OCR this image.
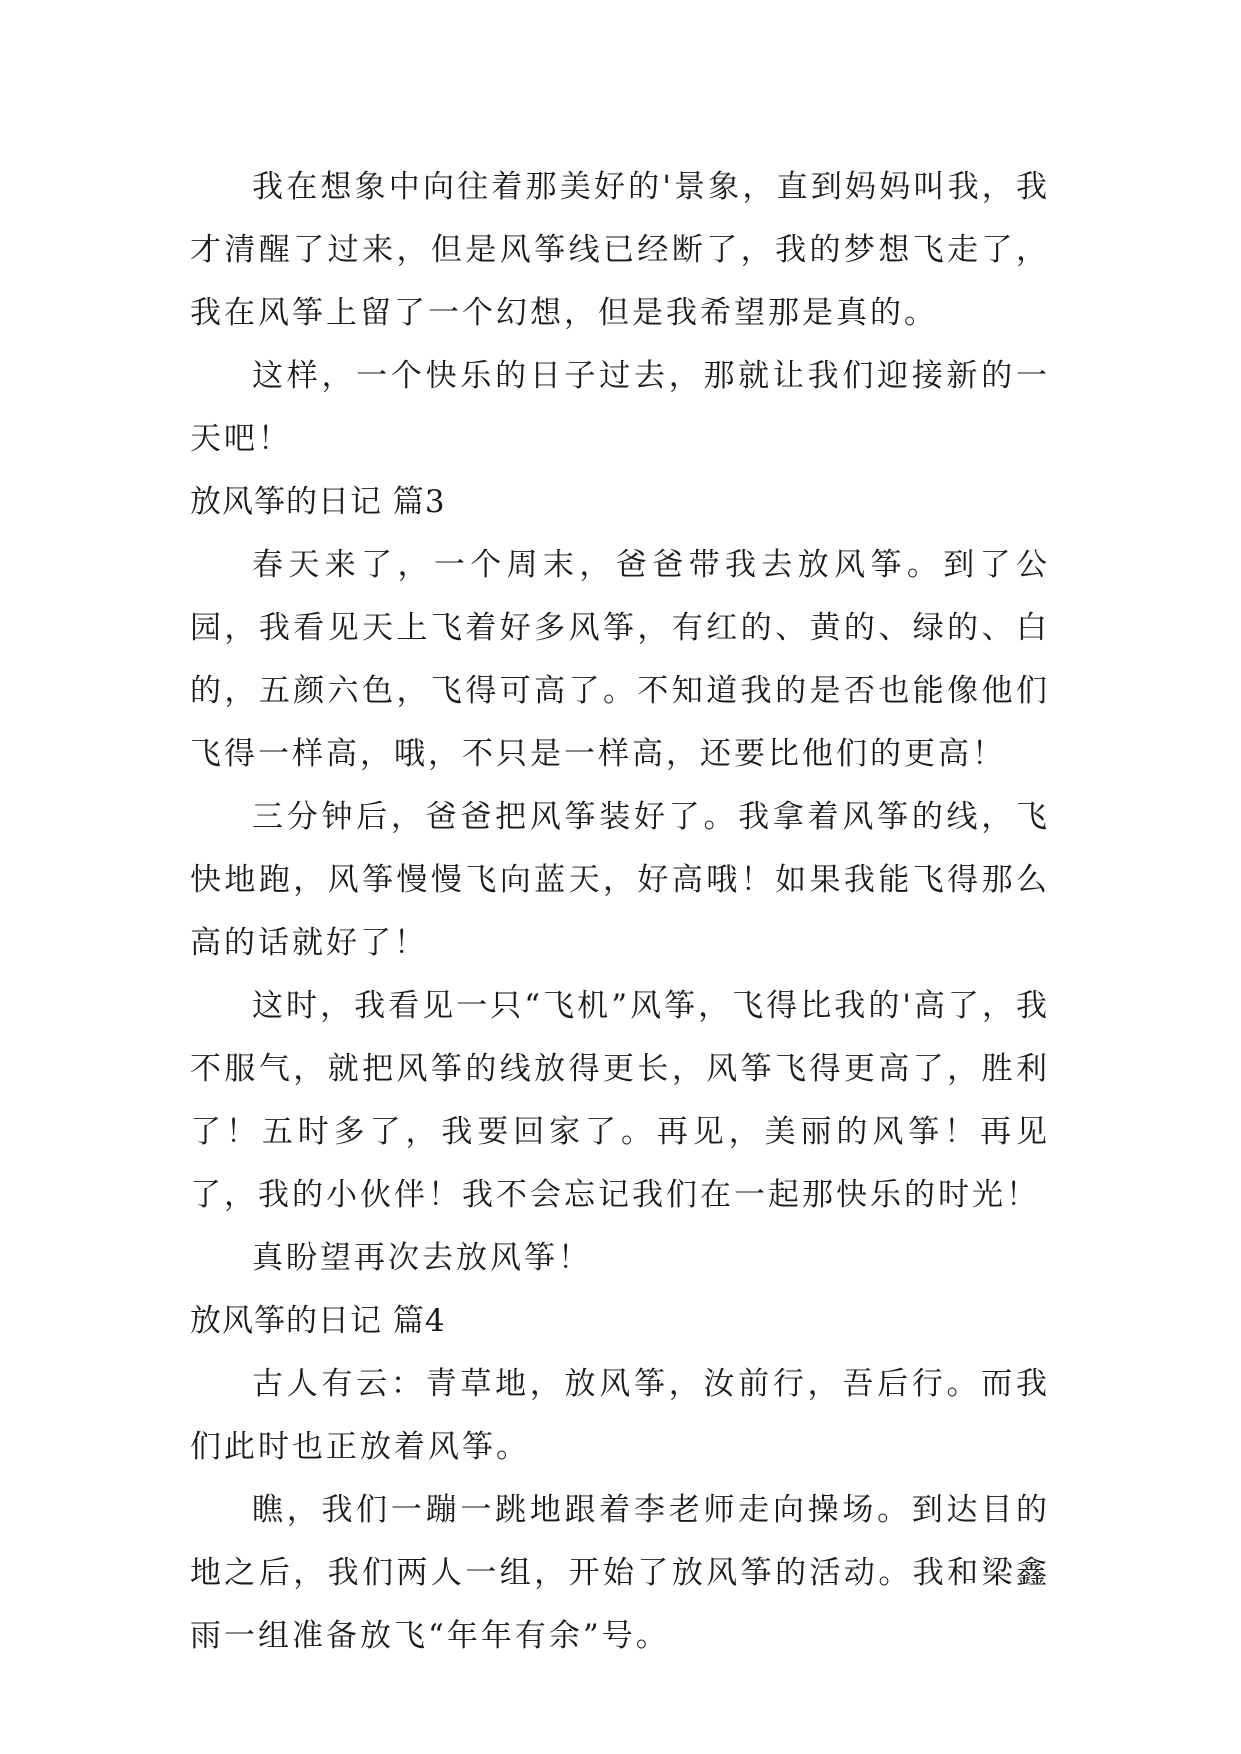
我在想象中向往着那美好的'景象，直到妈妈叫我，我才清醒了过来，但是风筝线已经断了，我的梦想飞走了，我在风筝上留了一个幻想，但是我希望那是真的。

这样，一个快乐的日子过去，那就让我们迎接新的一天吧！

放风筝的日记 篇3

春天来了，一个周末，爸爸带我去放风筝。到了公园，我看见天上飞着好多风筝，有红的、黄的、绿的、白的，五颜六色，飞得可高了。不知道我的是否也能像他们飞得一样高，哦，不只是一样高，还要比他们的更高！

三分钟后，爸爸把风筝装好了。我拿着风筝的线，飞快地跑，风筝慢慢飞向蓝天，好高哦！如果我能飞得那么高的话就好了！

这时，我看见一只“飞机”风筝，飞得比我的'高了，我不服气，就把风筝的线放得更长，风筝飞得更高了，胜利了！五时多了，我要回家了。再见，美丽的风筝！再见了，我的小伙伴！我不会忘记我们在一起那快乐的时光！

真盼望再次去放风筝！

放风筝的日记 篇4

古人有云：青草地，放风筝，汝前行，吾后行。而我们此时也正放着风筝。

瞧，我们一蹦一跳地跟着李老师走向操场。到达目的地之后，我们两人一组，开始了放风筝的活动。我和梁鑫雨一组准备放飞“年年有余”号。
